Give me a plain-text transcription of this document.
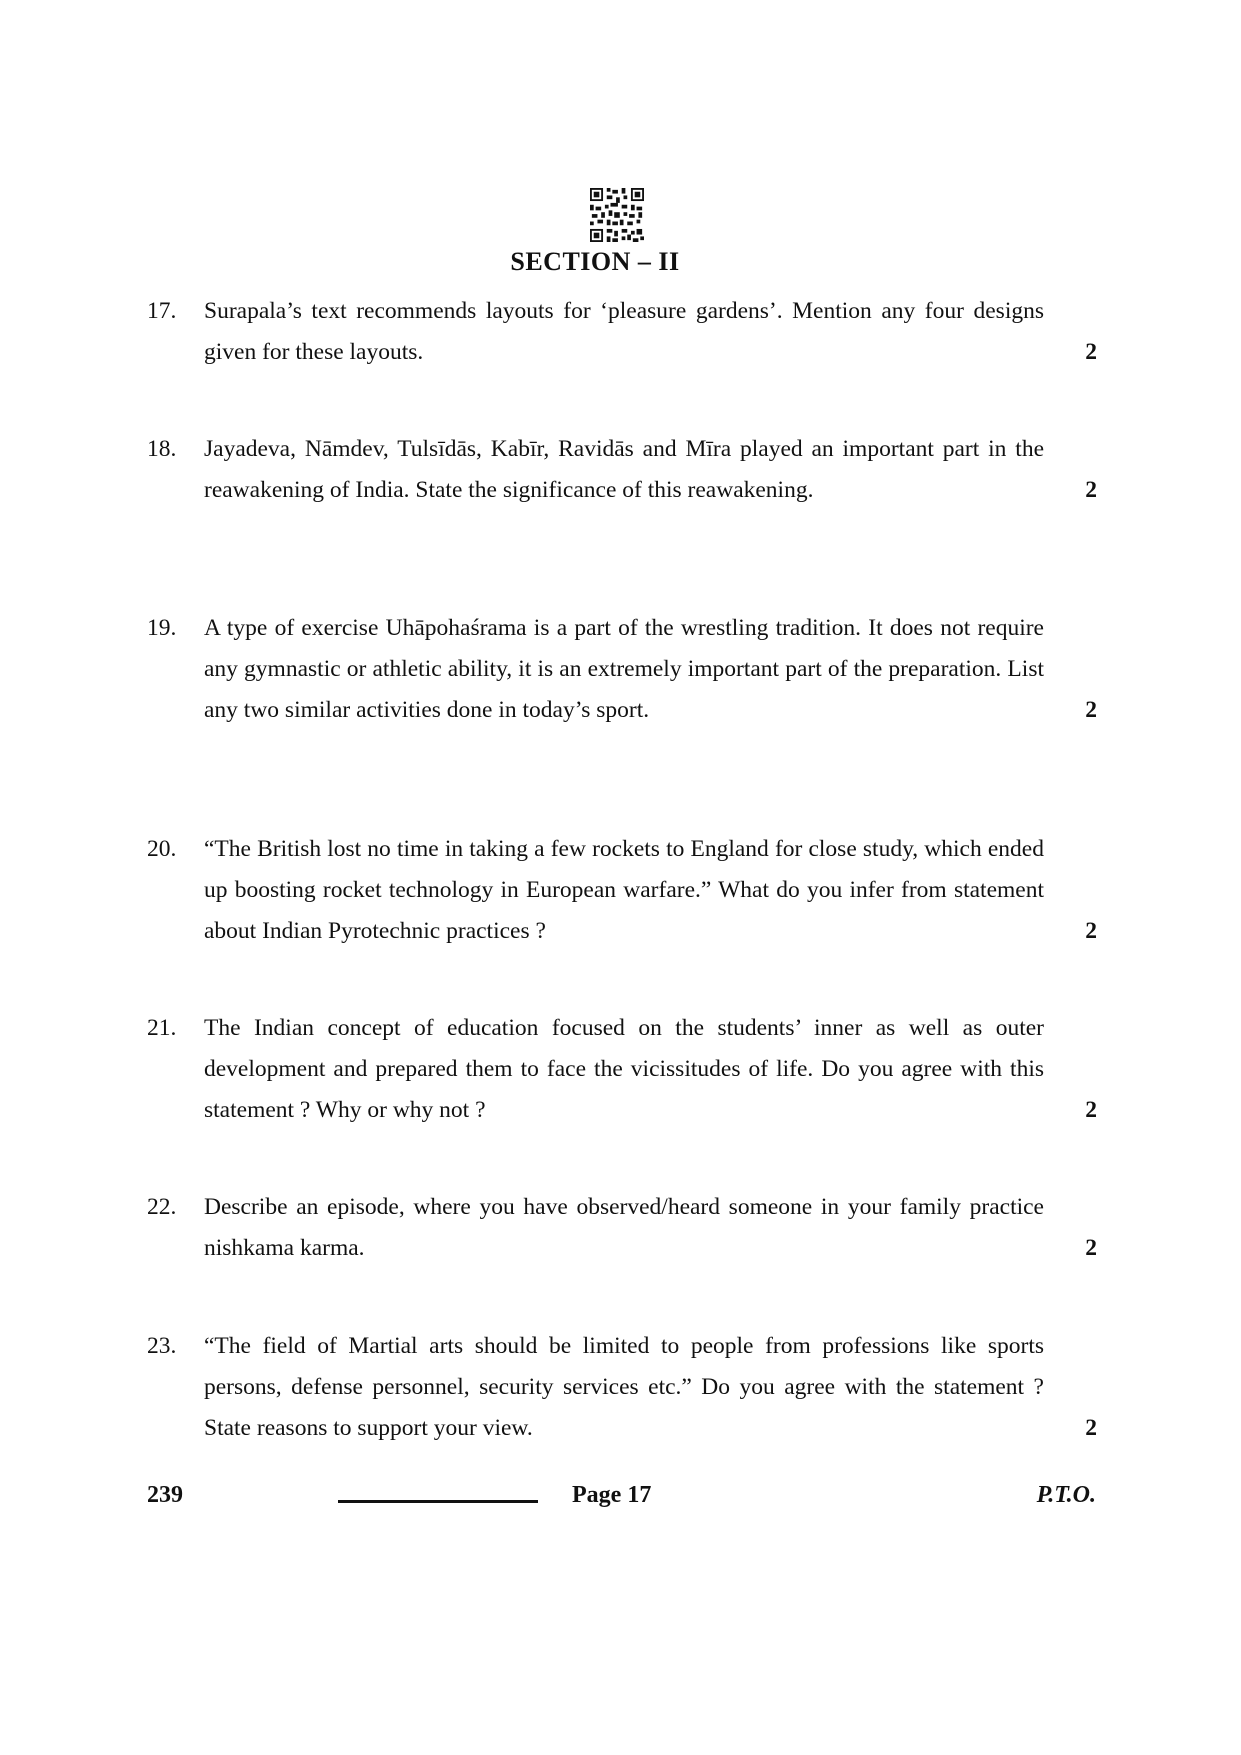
SECTION – II
17.	Surapala’s text recommends layouts for ‘pleasure gardens’. Mention any four designs given for these layouts.	2
18.	Jayadeva, Nāmdev, Tulsīdās, Kabīr, Ravidās and Mīra played an important part in the reawakening of India. State the significance of this reawakening.	2
19.	A type of exercise Uhāpohaśrama is a part of the wrestling tradition. It does not require any gymnastic or athletic ability, it is an extremely important part of the preparation. List any two similar activities done in today’s sport.	2
20.	“The British lost no time in taking a few rockets to England for close study, which ended up boosting rocket technology in European warfare.” What do you infer from statement about Indian Pyrotechnic practices ?	2
21.	The Indian concept of education focused on the students’ inner as well as outer development and prepared them to face the vicissitudes of life. Do you agree with this statement ? Why or why not ?	2
22.	Describe an episode, where you have observed/heard someone in your family practice nishkama karma.	2
23.	“The field of Martial arts should be limited to people from professions like sports persons, defense personnel, security services etc.” Do you agree with the statement ? State reasons to support your view.	2
239	Page 17	P.T.O.
